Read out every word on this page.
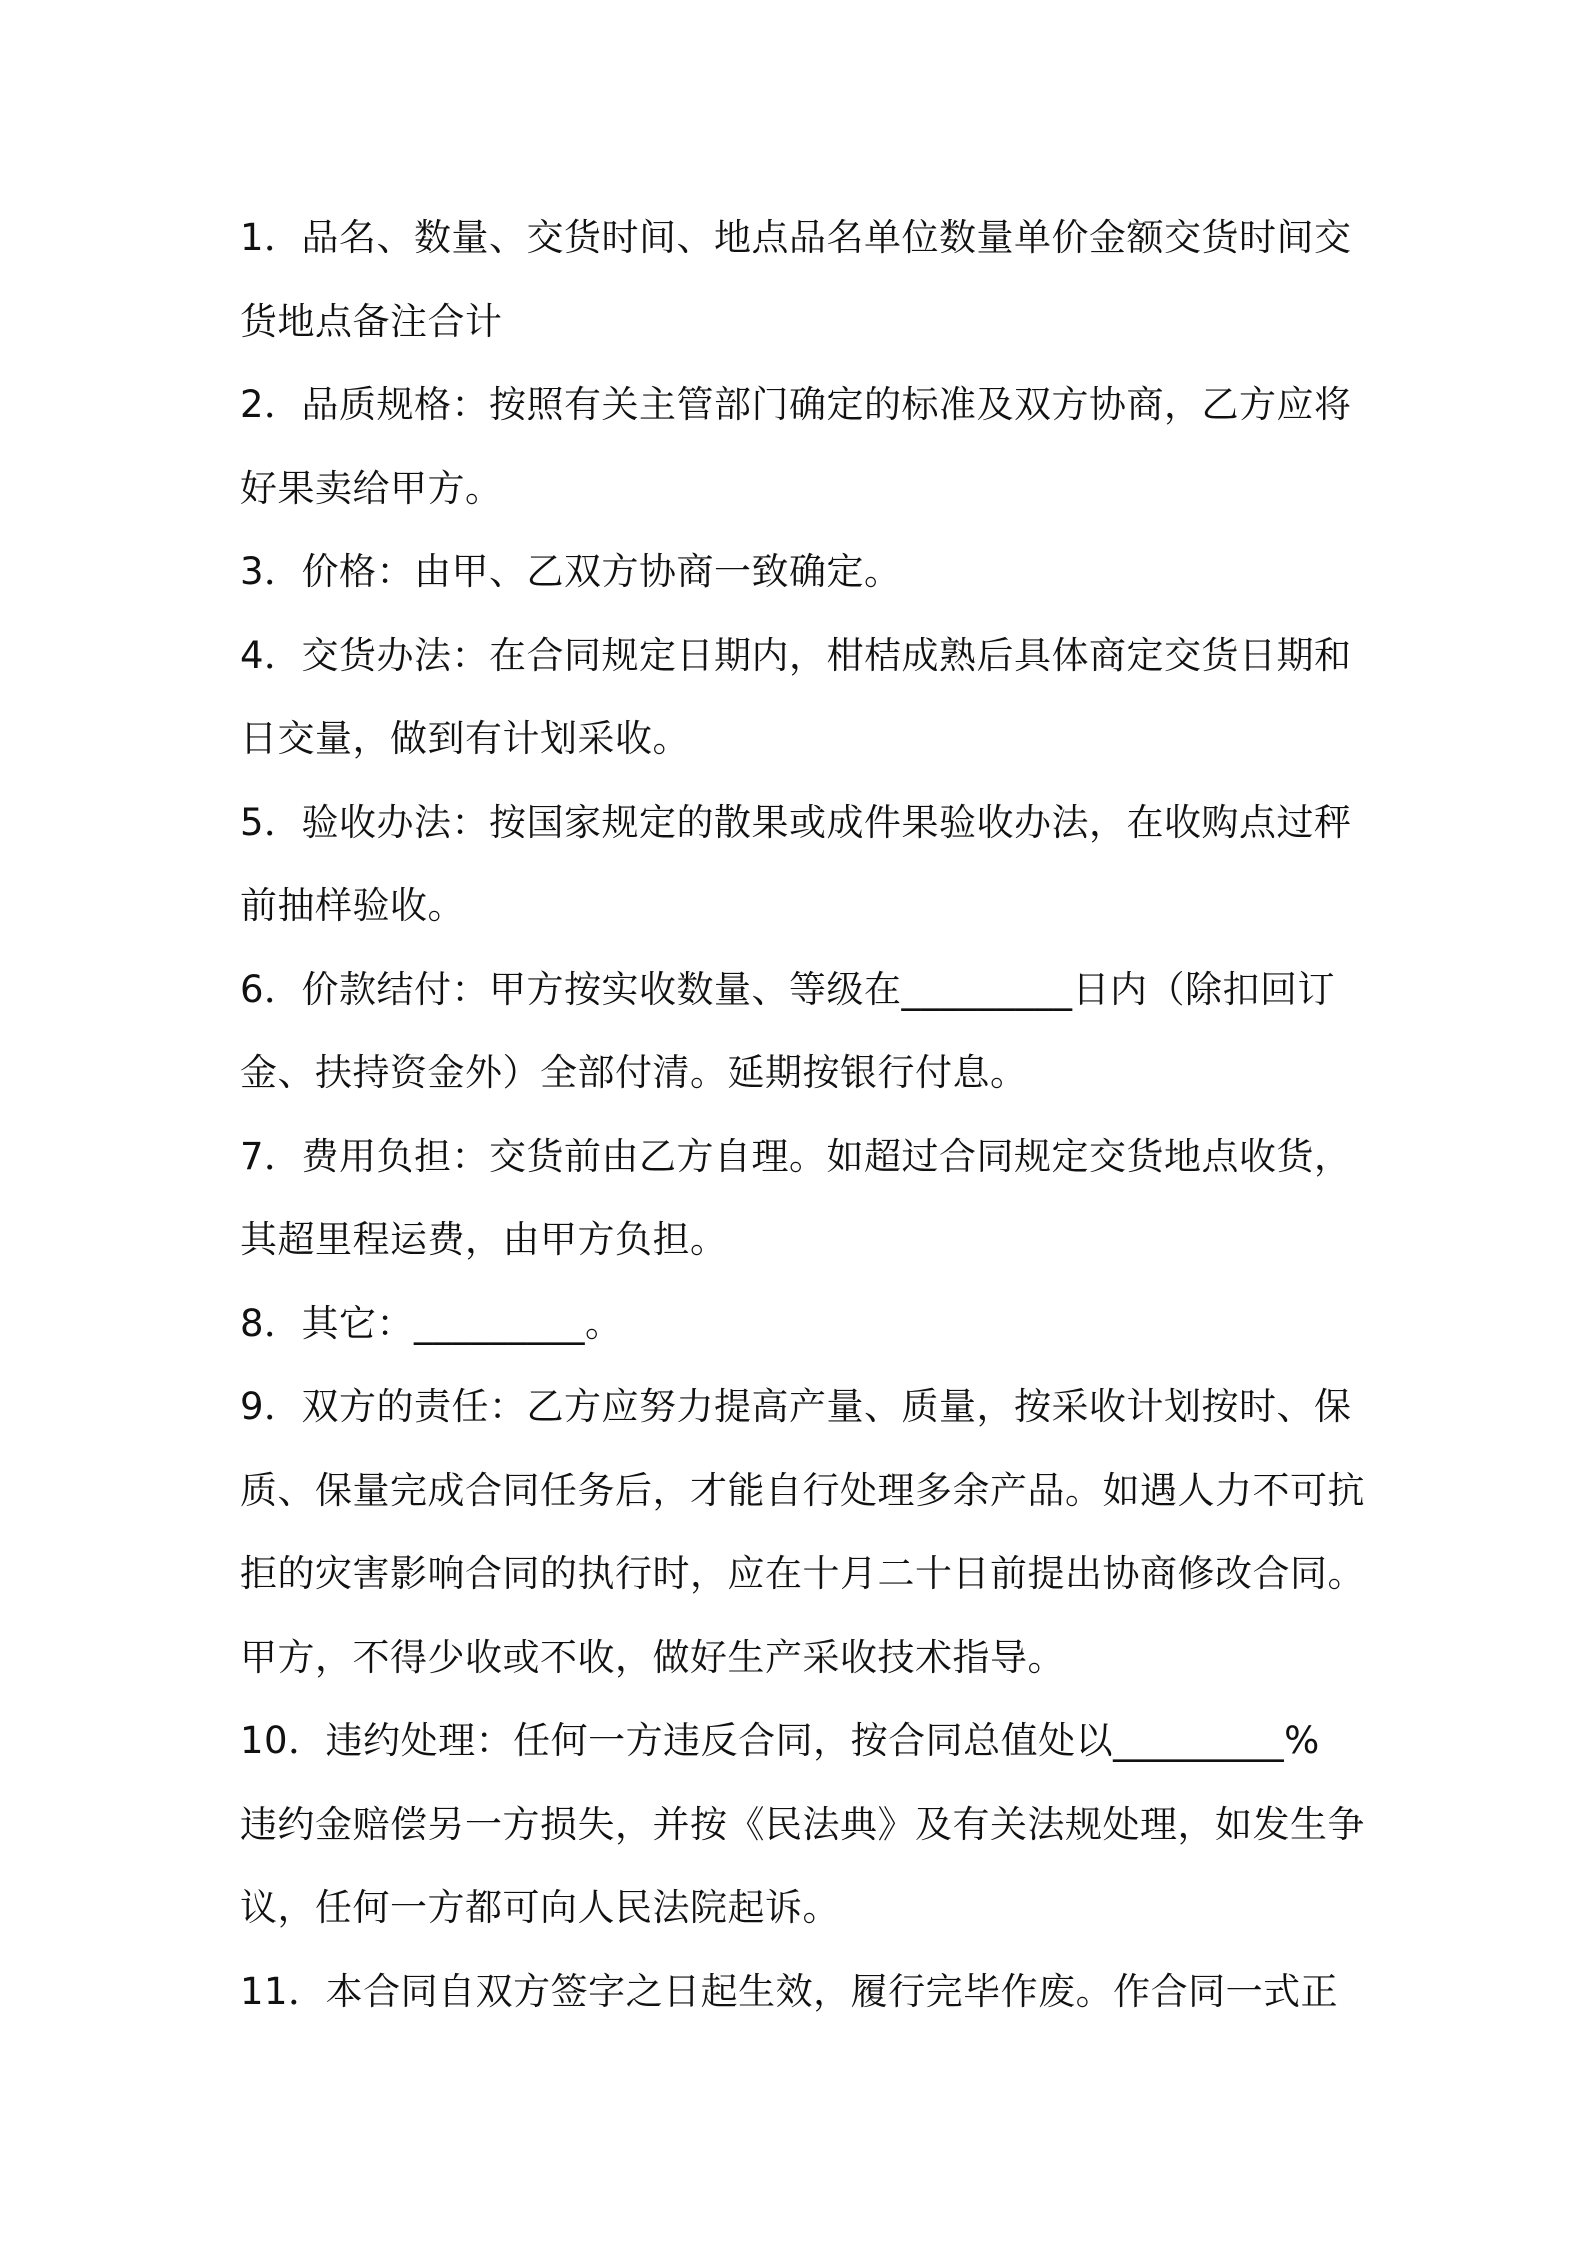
1．品名、数量、交货时间、地点品名单位数量单价金额交货时间交
货地点备注合计
2．品质规格：按照有关主管部门确定的标准及双方协商，乙方应将
好果卖给甲方。
3．价格：由甲、乙双方协商一致确定。
4．交货办法：在合同规定日期内，柑桔成熟后具体商定交货日期和
日交量，做到有计划采收。
5．验收办法：按国家规定的散果或成件果验收办法，在收购点过秤
前抽样验收。
6．价款结付：甲方按实收数量、等级在_________日内（除扣回订
金、扶持资金外）全部付清。延期按银行付息。
7．费用负担：交货前由乙方自理。如超过合同规定交货地点收货，
其超里程运费，由甲方负担。
8．其它：_________。
9．双方的责任：乙方应努力提高产量、质量，按采收计划按时、保
质、保量完成合同任务后，才能自行处理多余产品。如遇人力不可抗
拒的灾害影响合同的执行时，应在十月二十日前提出协商修改合同。
甲方，不得少收或不收，做好生产采收技术指导。
10．违约处理：任何一方违反合同，按合同总值处以_________%
违约金赔偿另一方损失，并按《民法典》及有关法规处理，如发生争
议，任何一方都可向人民法院起诉。
11．本合同自双方签字之日起生效，履行完毕作废。作合同一式正
